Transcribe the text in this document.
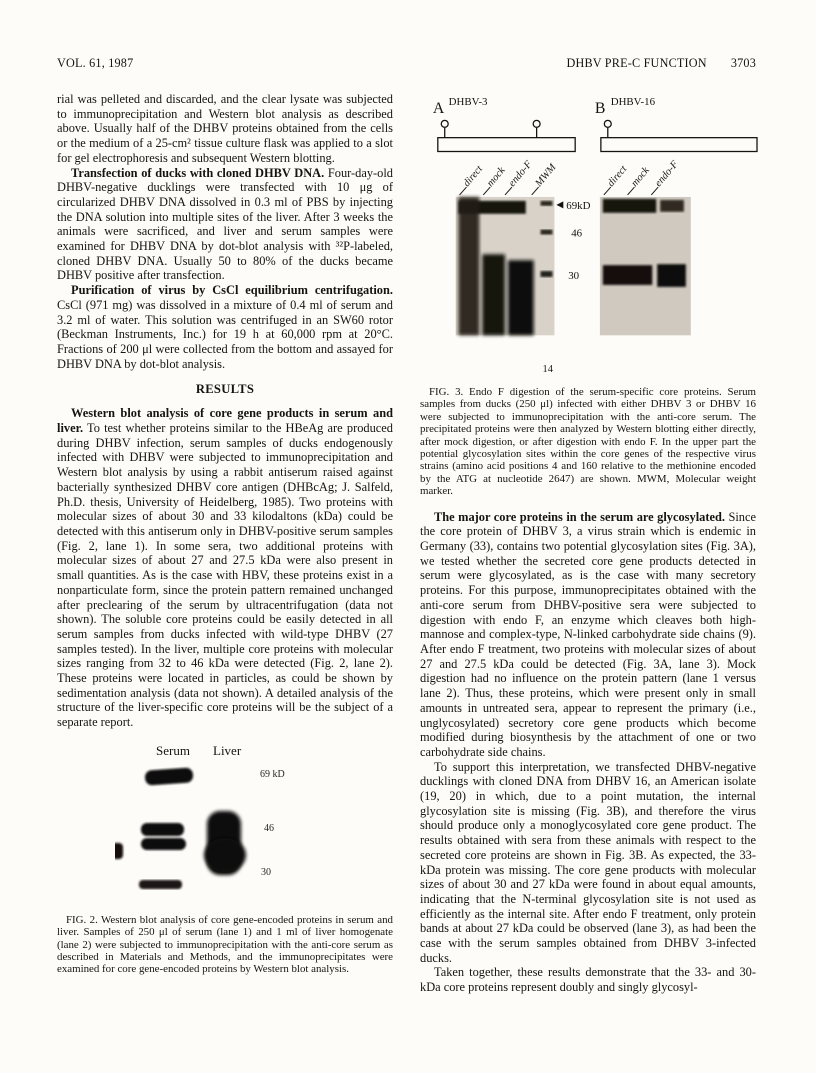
VOL. 61, 1987	DHBV PRE-C FUNCTION 3703

rial was pelleted and discarded, and the clear lysate was subjected to immunoprecipitation and Western blot analysis as described above. Usually half of the DHBV proteins obtained from the cells or the medium of a 25-cm² tissue culture flask was applied to a slot for gel electrophoresis and subsequent Western blotting.

Transfection of ducks with cloned DHBV DNA. Four-day-old DHBV-negative ducklings were transfected with 10 μg of circularized DHBV DNA dissolved in 0.3 ml of PBS by injecting the DNA solution into multiple sites of the liver. After 3 weeks the animals were sacrificed, and liver and serum samples were examined for DHBV DNA by dot-blot analysis with ³²P-labeled, cloned DHBV DNA. Usually 50 to 80% of the ducks became DHBV positive after transfection.

Purification of virus by CsCl equilibrium centrifugation. CsCl (971 mg) was dissolved in a mixture of 0.4 ml of serum and 3.2 ml of water. This solution was centrifuged in an SW60 rotor (Beckman Instruments, Inc.) for 19 h at 60,000 rpm at 20°C. Fractions of 200 μl were collected from the bottom and assayed for DHBV DNA by dot-blot analysis.

RESULTS

Western blot analysis of core gene products in serum and liver. To test whether proteins similar to the HBeAg are produced during DHBV infection, serum samples of ducks endogenously infected with DHBV were subjected to immunoprecipitation and Western blot analysis by using a rabbit antiserum raised against bacterially synthesized DHBV core antigen (DHBcAg; J. Salfeld, Ph.D. thesis, University of Heidelberg, 1985). Two proteins with molecular sizes of about 30 and 33 kilodaltons (kDa) could be detected with this antiserum only in DHBV-positive serum samples (Fig. 2, lane 1). In some sera, two additional proteins with molecular sizes of about 27 and 27.5 kDa were also present in small quantities. As is the case with HBV, these proteins exist in a nonparticulate form, since the protein pattern remained unchanged after preclearing of the serum by ultracentrifugation (data not shown). The soluble core proteins could be easily detected in all serum samples from ducks infected with wild-type DHBV (27 samples tested). In the liver, multiple core proteins with molecular sizes ranging from 32 to 46 kDa were detected (Fig. 2, lane 2). These proteins were located in particles, as could be shown by sedimentation analysis (data not shown). A detailed analysis of the structure of the liver-specific core proteins will be the subject of a separate report.

Serum Liver
69 kD
46
30
FIG. 2. Western blot analysis of core gene-encoded proteins in serum and liver. Samples of 250 μl of serum (lane 1) and 1 ml of liver homogenate (lane 2) were subjected to immunoprecipitation with the anti-core serum as described in Materials and Methods, and the immunoprecipitates were examined for core gene-encoded proteins by Western blot analysis.
A DHBV-3	B DHBV-16
direct mock endo-F MWM	direct mock endo-F
69kD
46
30
14
FIG. 3. Endo F digestion of the serum-specific core proteins. Serum samples from ducks (250 μl) infected with either DHBV 3 or DHBV 16 were subjected to immunoprecipitation with the anti-core serum. The precipitated proteins were then analyzed by Western blotting either directly, after mock digestion, or after digestion with endo F. In the upper part the potential glycosylation sites within the core genes of the respective virus strains (amino acid positions 4 and 160 relative to the methionine encoded by the ATG at nucleotide 2647) are shown. MWM, Molecular weight marker.

The major core proteins in the serum are glycosylated. Since the core protein of DHBV 3, a virus strain which is endemic in Germany (33), contains two potential glycosylation sites (Fig. 3A), we tested whether the secreted core gene products detected in serum were glycosylated, as is the case with many secretory proteins. For this purpose, immunoprecipitates obtained with the anti-core serum from DHBV-positive sera were subjected to digestion with endo F, an enzyme which cleaves both high-mannose and complex-type, N-linked carbohydrate side chains (9). After endo F treatment, two proteins with molecular sizes of about 27 and 27.5 kDa could be detected (Fig. 3A, lane 3). Mock digestion had no influence on the protein pattern (lane 1 versus lane 2). Thus, these proteins, which were present only in small amounts in untreated sera, appear to represent the primary (i.e., unglycosylated) secretory core gene products which become modified during biosynthesis by the attachment of one or two carbohydrate side chains.

To support this interpretation, we transfected DHBV-negative ducklings with cloned DNA from DHBV 16, an American isolate (19, 20) in which, due to a point mutation, the internal glycosylation site is missing (Fig. 3B), and therefore the virus should produce only a monoglycosylated core gene product. The results obtained with sera from these animals with respect to the secreted core proteins are shown in Fig. 3B. As expected, the 33-kDa protein was missing. The core gene products with molecular sizes of about 30 and 27 kDa were found in about equal amounts, indicating that the N-terminal glycosylation site is not used as efficiently as the internal site. After endo F treatment, only protein bands at about 27 kDa could be observed (lane 3), as had been the case with the serum samples obtained from DHBV 3-infected ducks.

Taken together, these results demonstrate that the 33- and 30-kDa core proteins represent doubly and singly glycosyl-
